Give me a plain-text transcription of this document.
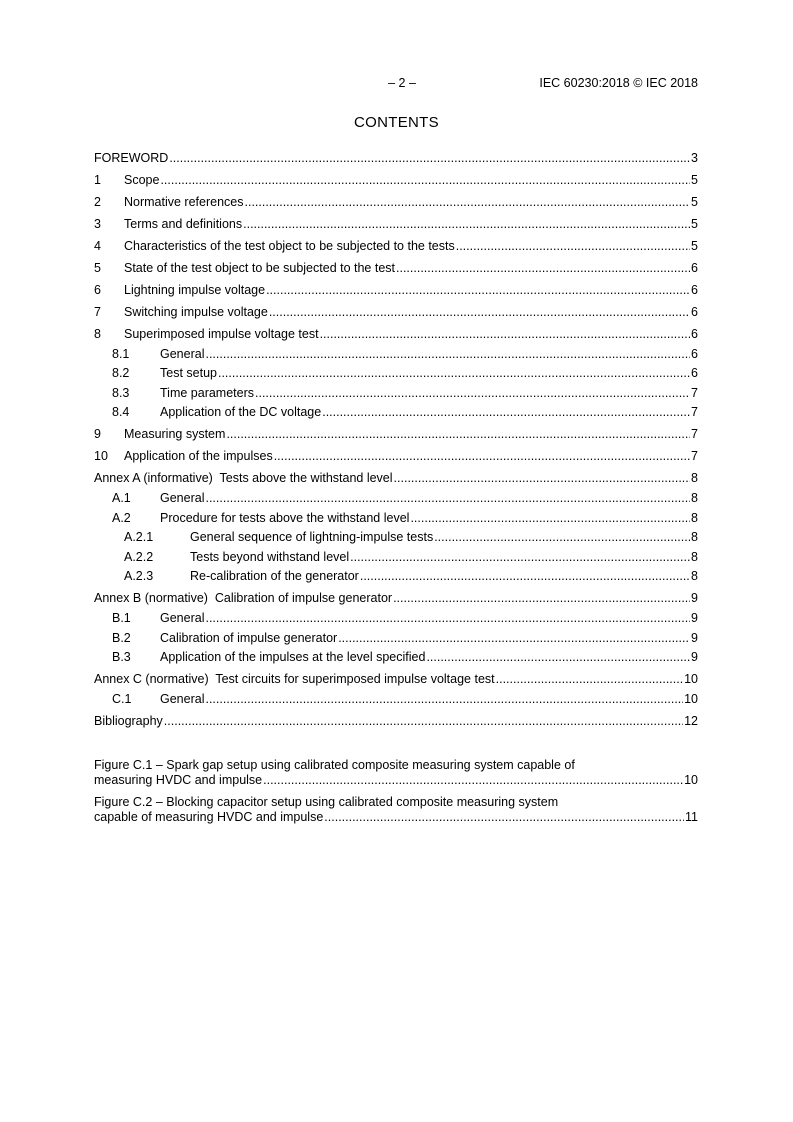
– 2 –	IEC 60230:2018 © IEC 2018
CONTENTS
FOREWORD .....	3
1	Scope .....	5
2	Normative references .....	5
3	Terms and definitions .....	5
4	Characteristics of the test object to be subjected to the tests .....	5
5	State of the test object to be subjected to the test .....	6
6	Lightning impulse voltage .....	6
7	Switching impulse voltage .....	6
8	Superimposed impulse voltage test .....	6
8.1	General .....	6
8.2	Test setup .....	6
8.3	Time parameters .....	7
8.4	Application of the DC voltage .....	7
9	Measuring system .....	7
10	Application of the impulses .....	7
Annex A (informative)  Tests above the withstand level .....	8
A.1	General .....	8
A.2	Procedure for tests above the withstand level .....	8
A.2.1	General sequence of lightning-impulse tests .....	8
A.2.2	Tests beyond withstand level .....	8
A.2.3	Re-calibration of the generator .....	8
Annex B (normative)  Calibration of impulse generator .....	9
B.1	General .....	9
B.2	Calibration of impulse generator .....	9
B.3	Application of the impulses at the level specified .....	9
Annex C (normative)  Test circuits for superimposed impulse voltage test .....	10
C.1	General .....	10
Bibliography .....	12
Figure C.1 – Spark gap setup using calibrated composite measuring system capable of
measuring HVDC and impulse .....	10
Figure C.2 – Blocking capacitor setup using calibrated composite measuring system
capable of measuring HVDC and impulse .....	11
